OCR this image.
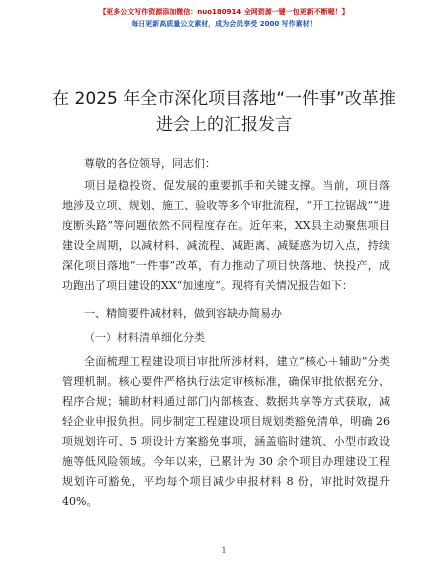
【更多公文写作资源添加微信：nuo180914 全网资源一键一包更新不断喔！】
每日更新高质量公文素材，成为会员享受 2000 写作素材！
在 2025 年全市深化项目落地“一件事”改革推进会上的汇报发言

尊敬的各位领导，同志们：

项目是稳投资、促发展的重要抓手和关键支撑。当前，项目落地涉及立项、规划、施工、验收等多个审批流程，“开工拉锯战”“进度断头路”等问题依然不同程度存在。近年来，XX县主动聚焦项目建设全周期，以减材料、减流程、减距离、减疑惑为切入点，持续深化项目落地“一件事”改革，有力推动了项目快落地、快投产，成功跑出了项目建设的XX“加速度”。现将有关情况报告如下：

一、精简要件减材料，做到容缺办简易办

（一）材料清单细化分类

全面梳理工程建设项目审批所涉材料，建立“核心＋辅助”分类管理机制。核心要件严格执行法定审核标准，确保审批依据充分、程序合规；辅助材料通过部门内部核查、数据共享等方式获取，减轻企业申报负担。同步制定工程建设项目规划类豁免清单，明确 26 项规划许可、5 项设计方案豁免事项，涵盖临时建筑、小型市政设施等低风险领域。今年以来，已累计为 30 余个项目办理建设工程规划许可豁免，平均每个项目减少申报材料 8 份，审批时效提升 40%。

1
